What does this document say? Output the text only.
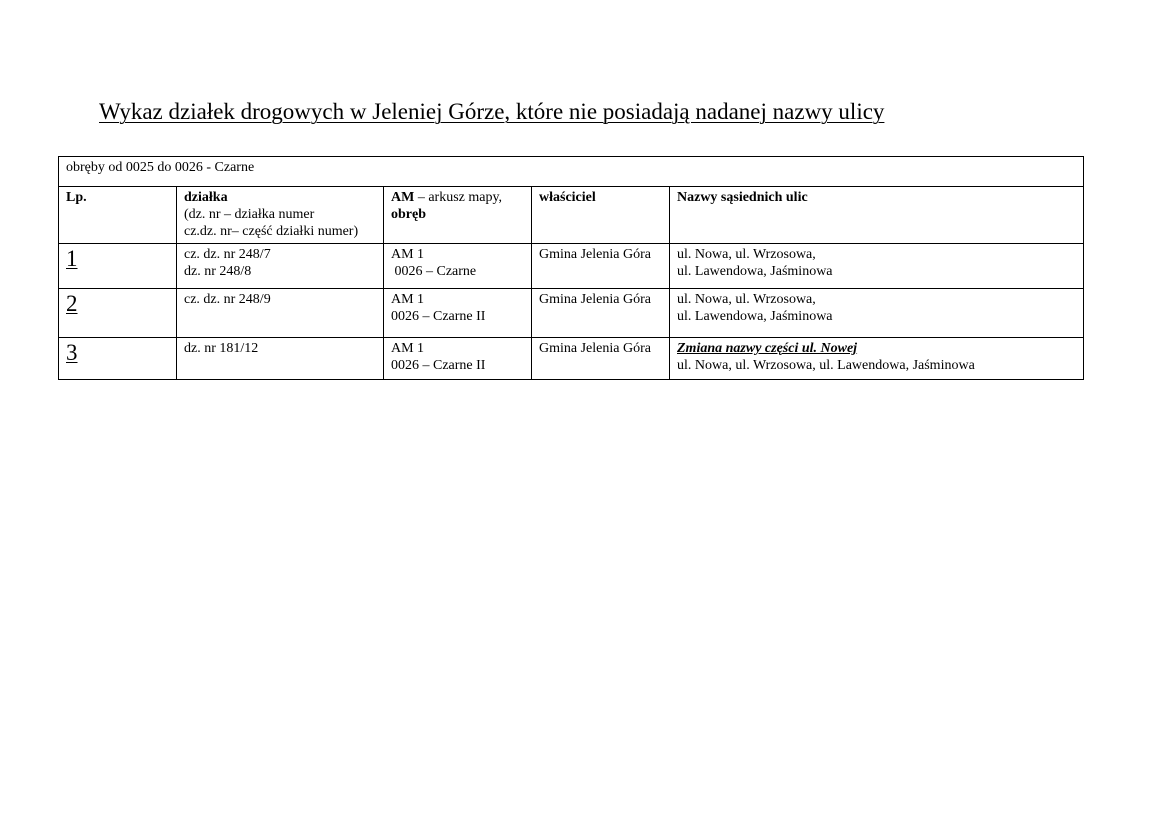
Wykaz działek drogowych w Jeleniej Górze, które nie posiadają nadanej nazwy ulicy
obręby od 0025 do 0026 - Czarne				
Lp.	działka
(dz. nr – działka numer
cz.dz. nr– część działki numer)	AM – arkusz mapy,
obręb	właściciel	Nazwy sąsiednich ulic

1	cz. dz. nr 248/7
dz. nr 248/8	AM 1
0026 – Czarne	Gmina Jelenia Góra	ul. Nowa, ul. Wrzosowa,
ul. Lawendowa, Jaśminowa

2	cz. dz. nr 248/9	AM 1
0026 – Czarne II	Gmina Jelenia Góra	ul. Nowa, ul. Wrzosowa,
ul. Lawendowa, Jaśminowa

3	dz. nr 181/12	AM 1
0026 – Czarne II	Gmina Jelenia Góra	Zmiana nazwy części ul. Nowej
ul. Nowa, ul. Wrzosowa, ul. Lawendowa, Jaśminowa
